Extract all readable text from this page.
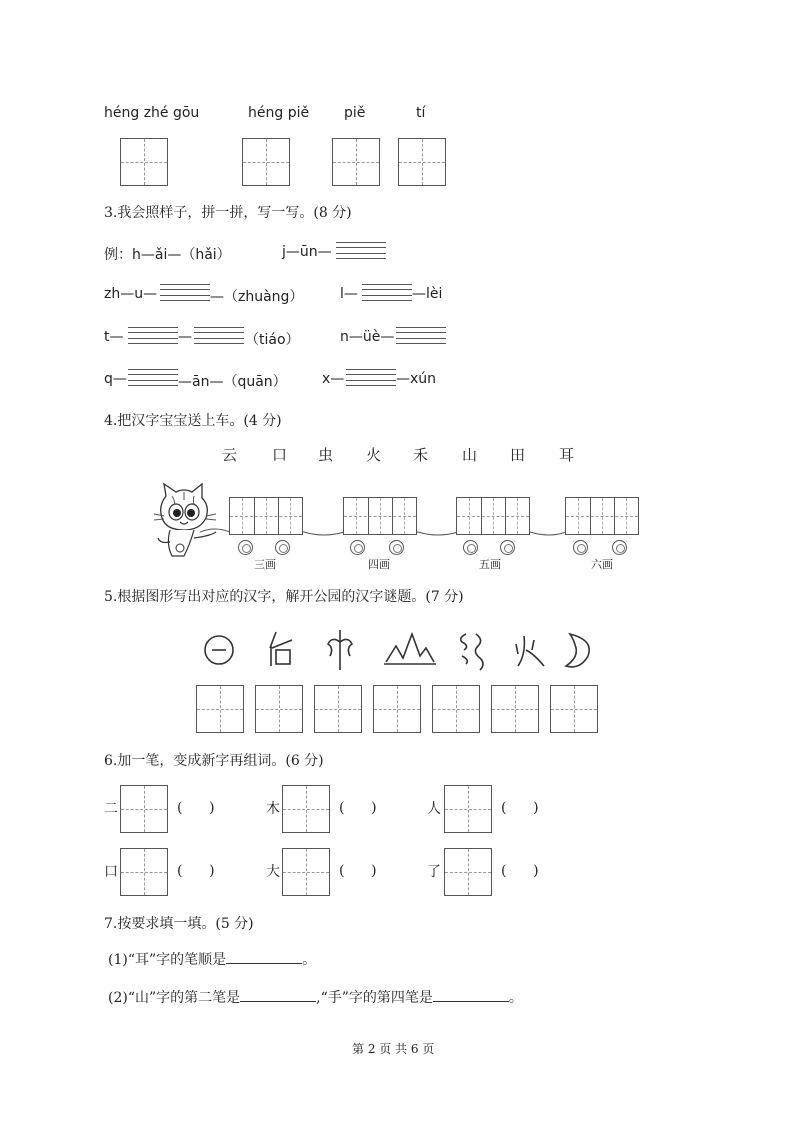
héng zhé gōu	héng piě piě	tí
3.我会照样子，拼一拼，写一写。(8 分)
例：h—ǎi—（hǎi）	j—ūn—
zh—u—	—（zhuàng）	l—	—lèi
t—	—	（tiáo）	n—üè—
q—	—ān—（quān）	x—	—xún
4.把汉字宝宝送上车。(4 分)
云 口 虫 火 禾 山 田 耳
三画	四画	五画	六画
5.根据图形写出对应的汉字，解开公园的汉字谜题。(7 分)
6.加一笔，变成新字再组词。(6 分)
二	(      )	木	(      )	人	(      )
口	(      )	大	(      )	了	(      )
7.按要求填一填。(5 分)
(1)“耳”字的笔顺是	。
(2)“山”字的第二笔是	,“手”字的第四笔是	。
第 2 页 共 6 页
